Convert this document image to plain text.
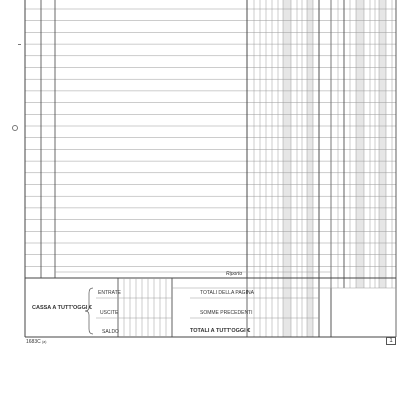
Riporto
CASSA A TUTT'OGGI €
ENTRATE
USCITE
SALDO
TOTALI DELLA PAGINA
SOMME PRECEDENTI
TOTALI A TUTT'OGGI €
1683C (a)	1
